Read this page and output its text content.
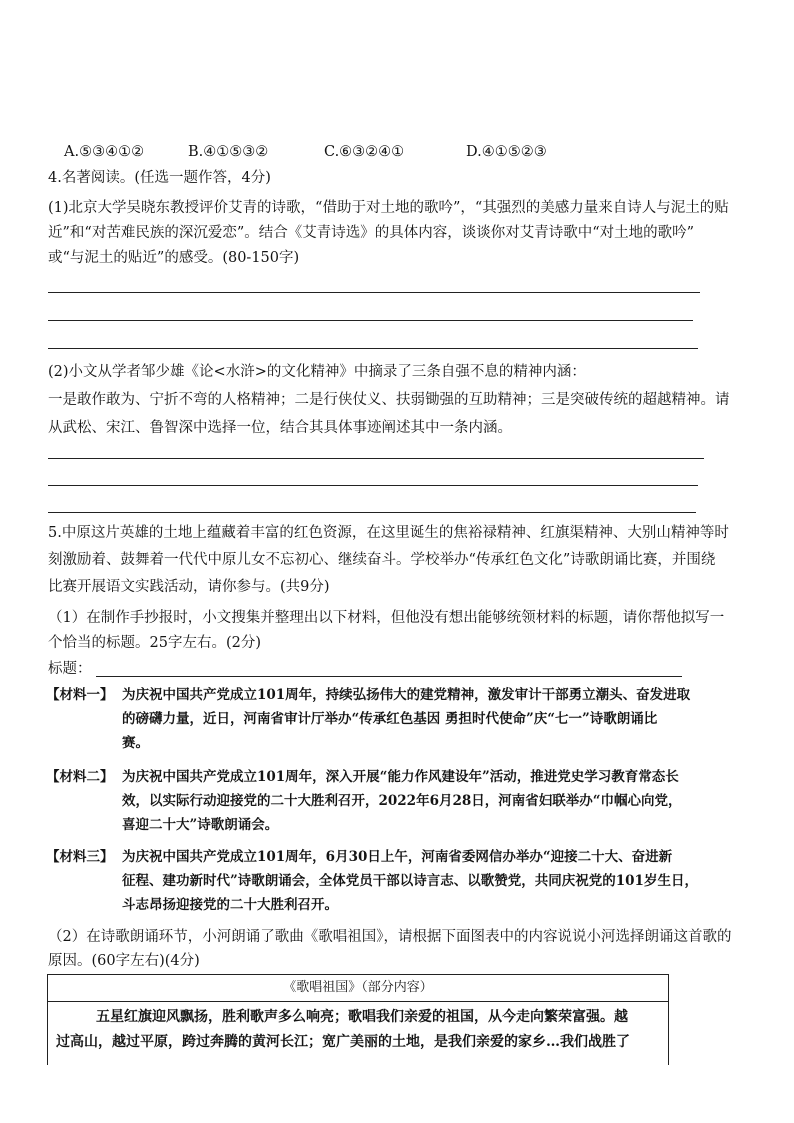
A.⑤③④①②	B.④①⑤③②	C.⑥③②④①	D.④①⑤②③
4.名著阅读。(任选一题作答，4分)
(1)北京大学吴晓东教授评价艾青的诗歌，“借助于对土地的歌吟”，“其强烈的美感力量来自诗人与泥土的贴
近”和“对苦难民族的深沉爱恋”。结合《艾青诗选》的具体内容，谈谈你对艾青诗歌中“对土地的歌吟”
或“与泥土的贴近”的感受。(80-150字)
(2)小文从学者邹少雄《论<水浒>的文化精神》中摘录了三条自强不息的精神内涵：
一是敢作敢为、宁折不弯的人格精神；二是行侠仗义、扶弱锄强的互助精神；三是突破传统的超越精神。请
从武松、宋江、鲁智深中选择一位，结合其具体事迹阐述其中一条内涵。
5.中原这片英雄的土地上蕴藏着丰富的红色资源，在这里诞生的焦裕禄精神、红旗渠精神、大别山精神等时
刻激励着、鼓舞着一代代中原儿女不忘初心、继续奋斗。学校举办“传承红色文化”诗歌朗诵比赛，并围绕
比赛开展语文实践活动，请你参与。(共9分)
（1）在制作手抄报时，小文搜集并整理出以下材料，但他没有想出能够统领材料的标题，请你帮他拟写一
个恰当的标题。25字左右。(2分)
标题：
【材料一】 为庆祝中国共产党成立101周年，持续弘扬伟大的建党精神，激发审计干部勇立潮头、奋发进取
的磅礴力量，近日，河南省审计厅举办“传承红色基因 勇担时代使命”庆“七一”诗歌朗诵比
赛。
【材料二】 为庆祝中国共产党成立101周年，深入开展“能力作风建设年”活动，推进党史学习教育常态长
效，以实际行动迎接党的二十大胜利召开，2022年6月28日，河南省妇联举办“巾帼心向党，
喜迎二十大”诗歌朗诵会。
【材料三】 为庆祝中国共产党成立101周年，6月30日上午，河南省委网信办举办“迎接二十大、奋进新
征程、建功新时代”诗歌朗诵会，全体党员干部以诗言志、以歌赞党，共同庆祝党的101岁生日，
斗志昂扬迎接党的二十大胜利召开。
（2）在诗歌朗诵环节，小河朗诵了歌曲《歌唱祖国》，请根据下面图表中的内容说说小河选择朗诵这首歌的
原因。(60字左右)(4分)
《歌唱祖国》（部分内容）
五星红旗迎风飘扬，胜利歌声多么响亮；歌唱我们亲爱的祖国，从今走向繁荣富强。越
过高山，越过平原，跨过奔腾的黄河长江；宽广美丽的土地，是我们亲爱的家乡…我们战胜了
